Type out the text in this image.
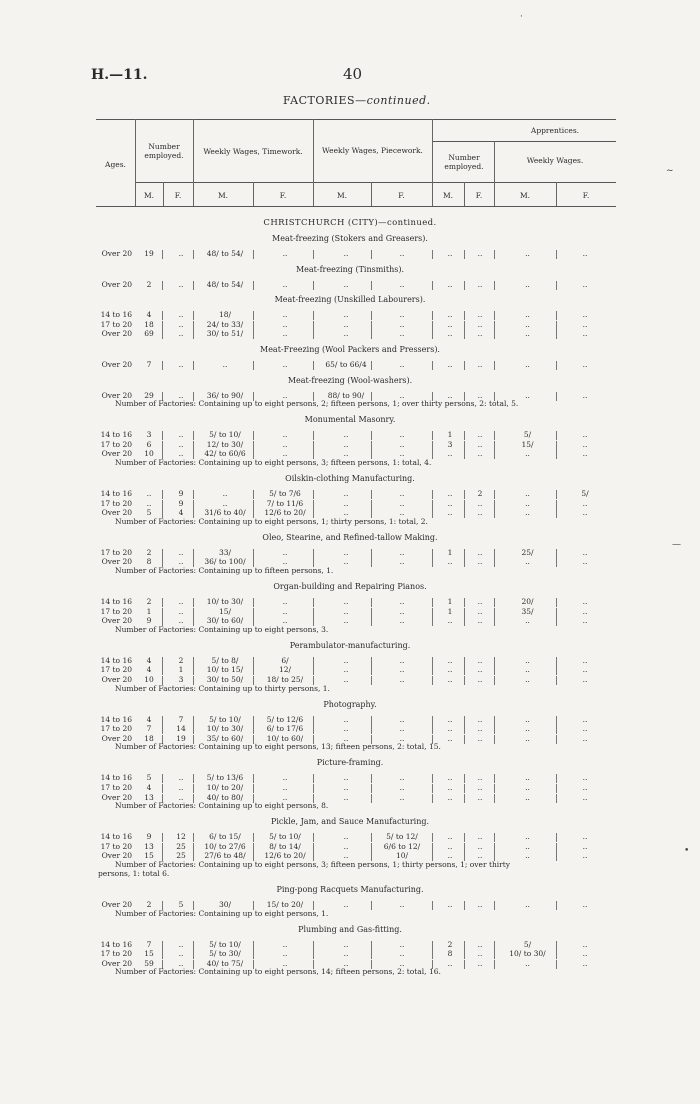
H.—11.	40
FACTORIES—continued.
Ages.
Number employed.	Weekly Wages, Timework.	Weekly Wages, Piecework.
Apprentices.
Number employed.
Weekly Wages.
M.	F.	M.	F.	M.	F.	M.	F.	M.	F.
CHRISTCHURCH (CITY)—continued.
Meat-freezing (Stokers and Greasers).
Over 20	19	..	48/ to 54/	..	..	..	..	..	..	..
Meat-freezing (Tinsmiths).
Over 20	2	..	48/ to 54/	..	..	..	..	..	..	..
Meat-freezing (Unskilled Labourers).
14 to 16	4	..	18/	..	..	..	..	..	..	..
17 to 20	18	..	24/ to 33/	..	..	..	..	..	..	..
Over 20	69	..	30/ to 51/	..	..	..	..	..	..	..
Meat-Freezing (Wool Packers and Pressers).
Over 20	7	..	..	..	65/ to 66/4	..	..	..	..	..
Meat-freezing (Wool-washers).
Over 20	29	..	36/ to 90/	..	88/ to 90/	..	..	..	..	..
Number of Factories: Containing up to eight persons, 2; fifteen persons, 1; over thirty persons, 2: total, 5.
Monumental Masonry.
14 to 16	3	..	5/ to 10/	..	..	..	1	..	5/	..
17 to 20	6	..	12/ to 30/	..	..	..	3	..	15/	..
Over 20	10	..	42/ to 60/6	..	..	..	..	..	..	..
Number of Factories: Containing up to eight persons, 3; fifteen persons, 1: total, 4.
Oilskin-clothing Manufacturing.
14 to 16	..	9	..	5/ to 7/6	..	..	..	2	..	5/
17 to 20	..	9	..	7/ to 11/6	..	..	..	..	..	..
Over 20	5	4	31/6 to 40/	12/6 to 20/	..	..	..	..	..	..
Number of Factories: Containing up to eight persons, 1; thirty persons, 1: total, 2.
Oleo, Stearine, and Refined-tallow Making.
17 to 20	2	..	33/	..	..	..	1	..	25/	..
Over 20	8	..	36/ to 100/	..	..	..	..	..	..	..
Number of Factories: Containing up to fifteen persons, 1.
Organ-building and Repairing Pianos.
14 to 16	2	..	10/ to 30/	..	..	..	1	..	20/	..
17 to 20	1	..	15/	..	..	..	1	..	35/	..
Over 20	9	..	30/ to 60/	..	..	..	..	..	..	..
Number of Factories: Containing up to eight persons, 3.
Perambulator-manufacturing.
14 to 16	4	2	5/ to 8/	6/	..	..	..	..	..	..
17 to 20	4	1	10/ to 15/	12/	..	..	..	..	..	..
Over 20	10	3	30/ to 50/	18/ to 25/	..	..	..	..	..	..
Number of Factories: Containing up to thirty persons, 1.
Photography.
14 to 16	4	7	5/ to 10/	5/ to 12/6	..	..	..	..	..	..
17 to 20	7	14	10/ to 30/	6/ to 17/6	..	..	..	..	..	..
Over 20	18	19	35/ to 60/	10/ to 60/	..	..	..	..	..	..
Number of Factories: Containing up to eight persons, 13; fifteen persons, 2: total, 15.
Picture-framing.
14 to 16	5	..	5/ to 13/6	..	..	..	..	..	..	..
17 to 20	4	..	10/ to 20/	..	..	..	..	..	..	..
Over 20	13	..	40/ to 80/	..	..	..	..	..	..	..
Number of Factories: Containing up to eight persons, 8.
Pickle, Jam, and Sauce Manufacturing.
14 to 16	9	12	6/ to 15/	5/ to 10/	..	5/ to 12/	..	..	..	..
17 to 20	13	25	10/ to 27/6	8/ to 14/	..	6/6 to 12/	..	..	..	..
Over 20	15	25	27/6 to 48/	12/6 to 20/	..	10/	..	..	..	..
Number of Factories: Containing up to eight persons, 3; fifteen persons, 1; thirty persons, 1; over thirty
persons, 1: total 6.
Ping-pong Racquets Manufacturing.
Over 20	2	5	30/	15/ to 20/	..	..	..	..	..	..
Number of Factories: Containing up to eight persons, 1.
Plumbing and Gas-fitting.
14 to 16	7	..	5/ to 10/	..	..	..	2	..	5/	..
17 to 20	15	..	5/ to 30/	..	..	..	8	..	10/ to 30/	..
Over 20	59	..	40/ to 75/	..	..	..	..	..	..	..
Number of Factories: Containing up to eight persons, 14; fifteen persons, 2: total, 16.
·
~
—
•
